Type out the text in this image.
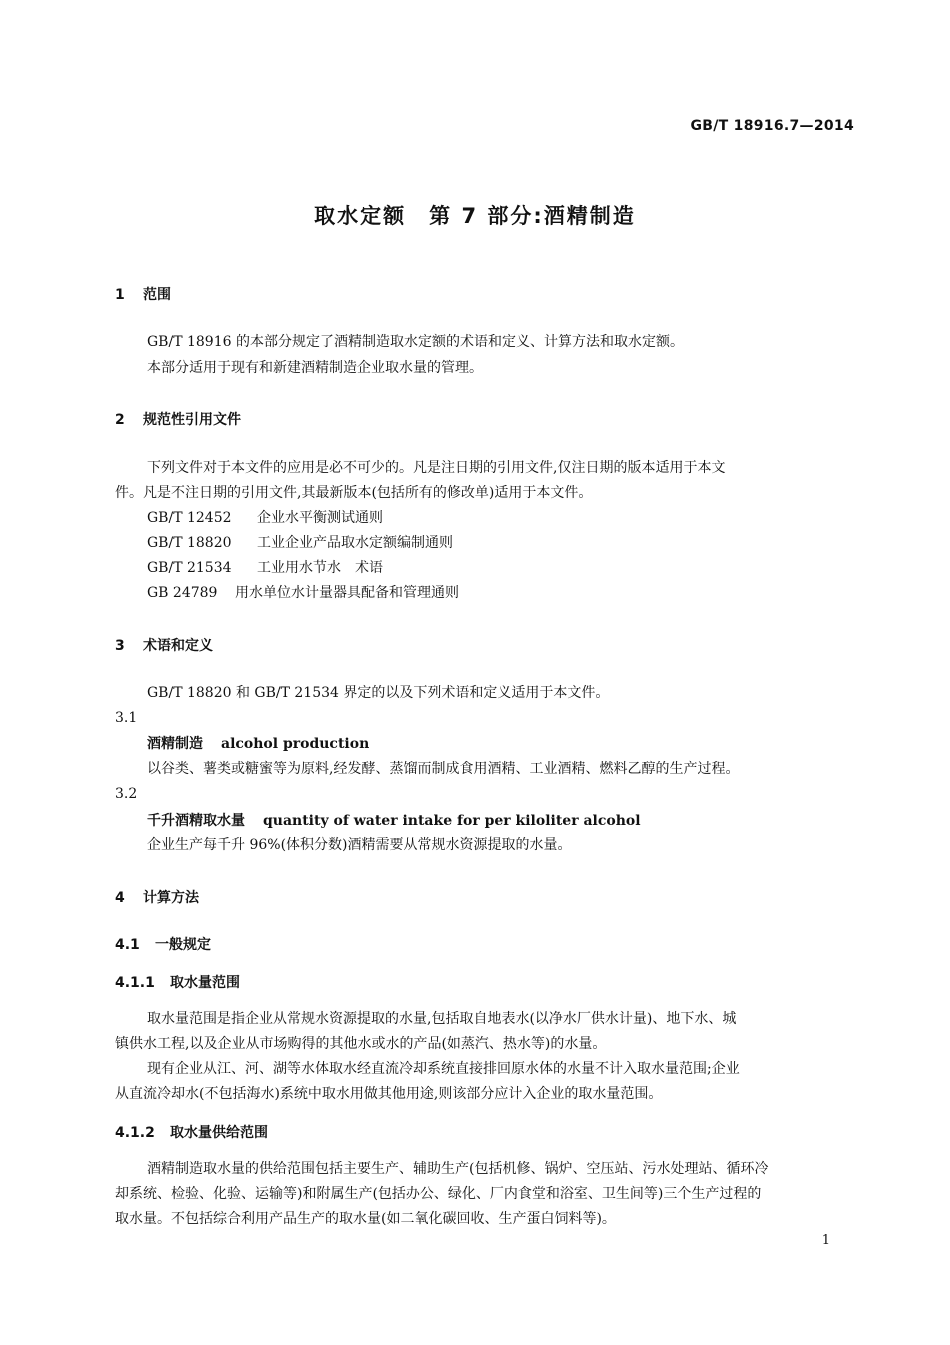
GB/T 18916.7—2014
取水定额　第 7 部分:酒精制造
1 范围
GB/T 18916 的本部分规定了酒精制造取水定额的术语和定义、计算方法和取水定额。
本部分适用于现有和新建酒精制造企业取水量的管理。
2 规范性引用文件
下列文件对于本文件的应用是必不可少的。凡是注日期的引用文件,仅注日期的版本适用于本文
件。凡是不注日期的引用文件,其最新版本(包括所有的修改单)适用于本文件。
GB/T 12452 企业水平衡测试通则
GB/T 18820 工业企业产品取水定额编制通则
GB/T 21534 工业用水节水　术语
GB 24789 用水单位水计量器具配备和管理通则
3 术语和定义
GB/T 18820 和 GB/T 21534 界定的以及下列术语和定义适用于本文件。
3.1
酒精制造 alcohol production
以谷类、薯类或糖蜜等为原料,经发酵、蒸馏而制成食用酒精、工业酒精、燃料乙醇的生产过程。
3.2
千升酒精取水量 quantity of water intake for per kiloliter alcohol
企业生产每千升 96%(体积分数)酒精需要从常规水资源提取的水量。
4 计算方法
4.1 一般规定
4.1.1 取水量范围
取水量范围是指企业从常规水资源提取的水量,包括取自地表水(以净水厂供水计量)、地下水、城
镇供水工程,以及企业从市场购得的其他水或水的产品(如蒸汽、热水等)的水量。
现有企业从江、河、湖等水体取水经直流冷却系统直接排回原水体的水量不计入取水量范围;企业
从直流冷却水(不包括海水)系统中取水用做其他用途,则该部分应计入企业的取水量范围。
4.1.2 取水量供给范围
酒精制造取水量的供给范围包括主要生产、辅助生产(包括机修、锅炉、空压站、污水处理站、循环冷
却系统、检验、化验、运输等)和附属生产(包括办公、绿化、厂内食堂和浴室、卫生间等)三个生产过程的
取水量。不包括综合利用产品生产的取水量(如二氧化碳回收、生产蛋白饲料等)。
1
